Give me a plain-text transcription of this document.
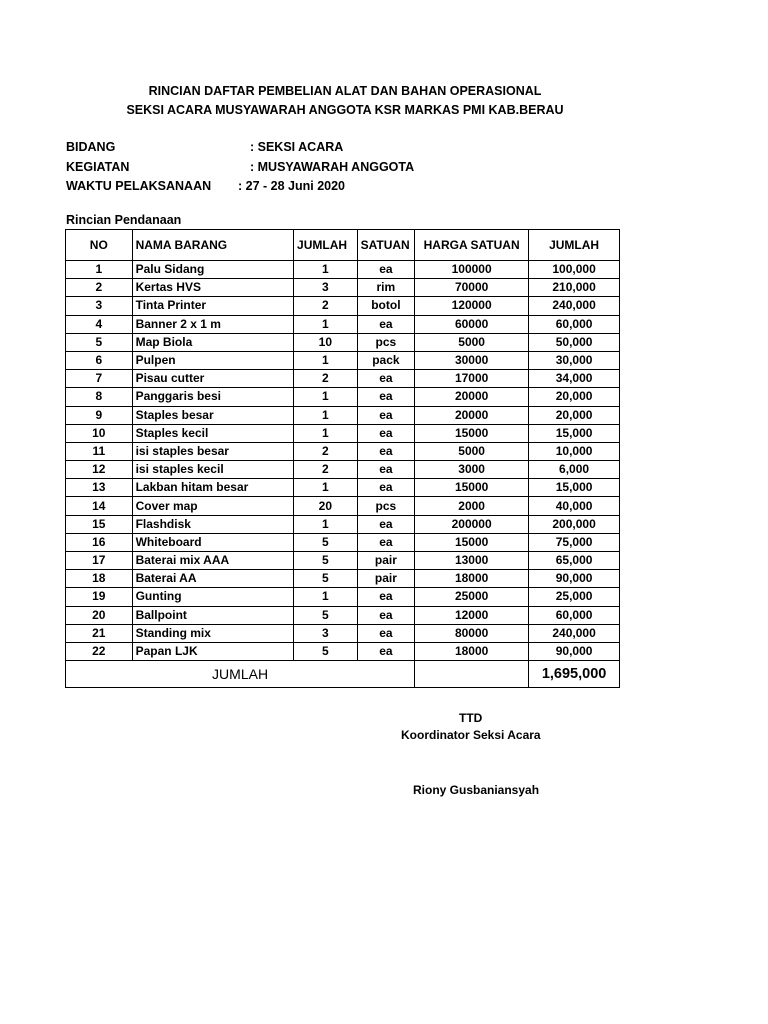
RINCIAN DAFTAR PEMBELIAN ALAT DAN BAHAN OPERASIONAL
SEKSI ACARA MUSYAWARAH ANGGOTA KSR MARKAS PMI KAB.BERAU
BIDANG	: SEKSI ACARA
KEGIATAN	: MUSYAWARAH ANGGOTA
WAKTU PELAKSANAAN : 27 - 28 Juni 2020
Rincian Pendanaan
NO	NAMA BARANG	JUMLAH	SATUAN	HARGA SATUAN	JUMLAH
1	Palu Sidang	1	ea	100000	100,000
2	Kertas HVS	3	rim	70000	210,000
3	Tinta Printer	2	botol	120000	240,000
4	Banner 2 x 1 m	1	ea	60000	60,000
5	Map Biola	10	pcs	5000	50,000
6	Pulpen	1	pack	30000	30,000
7	Pisau cutter	2	ea	17000	34,000
8	Panggaris besi	1	ea	20000	20,000
9	Staples besar	1	ea	20000	20,000
10	Staples kecil	1	ea	15000	15,000
11	isi staples besar	2	ea	5000	10,000
12	isi staples kecil	2	ea	3000	6,000
13	Lakban hitam besar	1	ea	15000	15,000
14	Cover map	20	pcs	2000	40,000
15	Flashdisk	1	ea	200000	200,000
16	Whiteboard	5	ea	15000	75,000
17	Baterai mix AAA	5	pair	13000	65,000
18	Baterai AA	5	pair	18000	90,000
19	Gunting	1	ea	25000	25,000
20	Ballpoint	5	ea	12000	60,000
21	Standing mix	3	ea	80000	240,000
22	Papan LJK	5	ea	18000	90,000
JUMLAH					1,695,000
TTD
Koordinator Seksi Acara
Riony Gusbaniansyah
